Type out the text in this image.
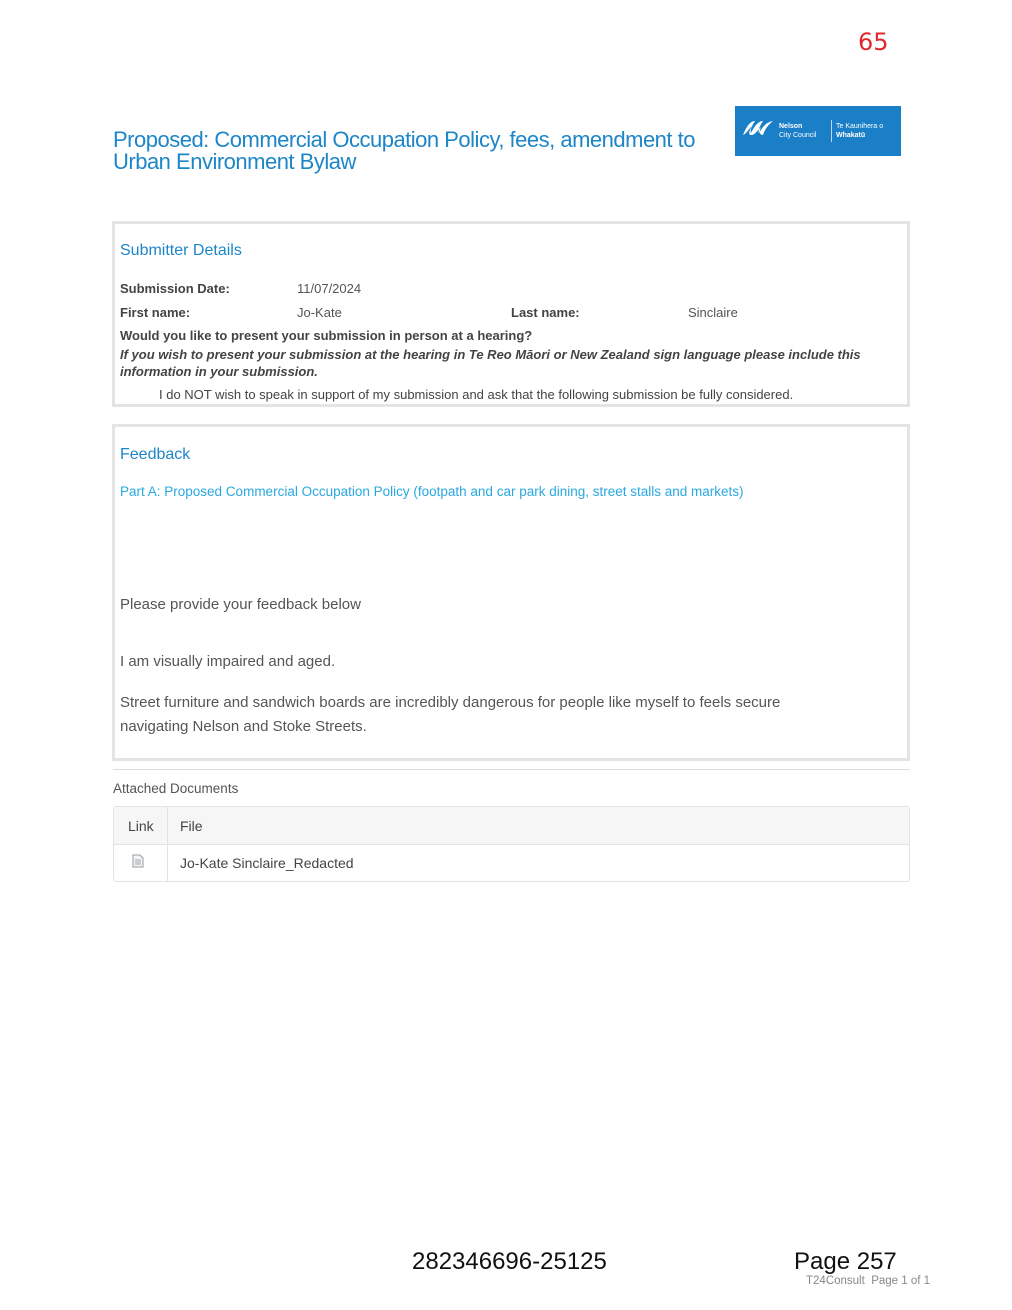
65
Proposed: Commercial Occupation Policy, fees, amendment to Urban Environment Bylaw
Nelson
City Council
Te Kaunihera o
Whakatū
Submitter Details
Submission Date:	11/07/2024
First name:	Jo-Kate	Last name:	Sinclaire
Would you like to present your submission in person at a hearing?
If you wish to present your submission at the hearing in Te Reo Māori or New Zealand sign language please include this information in your submission.
I do NOT wish to speak in support of my submission and ask that the following submission be fully considered.
Feedback
Part A: Proposed Commercial Occupation Policy (footpath and car park dining, street stalls and markets)
Please provide your feedback below
I am visually impaired and aged.
Street furniture and sandwich boards are incredibly dangerous for people like myself to feels secure navigating Nelson and Stoke Streets.
Attached Documents
Link File
Jo-Kate Sinclaire_Redacted
282346696-25125	Page 257
T24Consult  Page 1 of 1
